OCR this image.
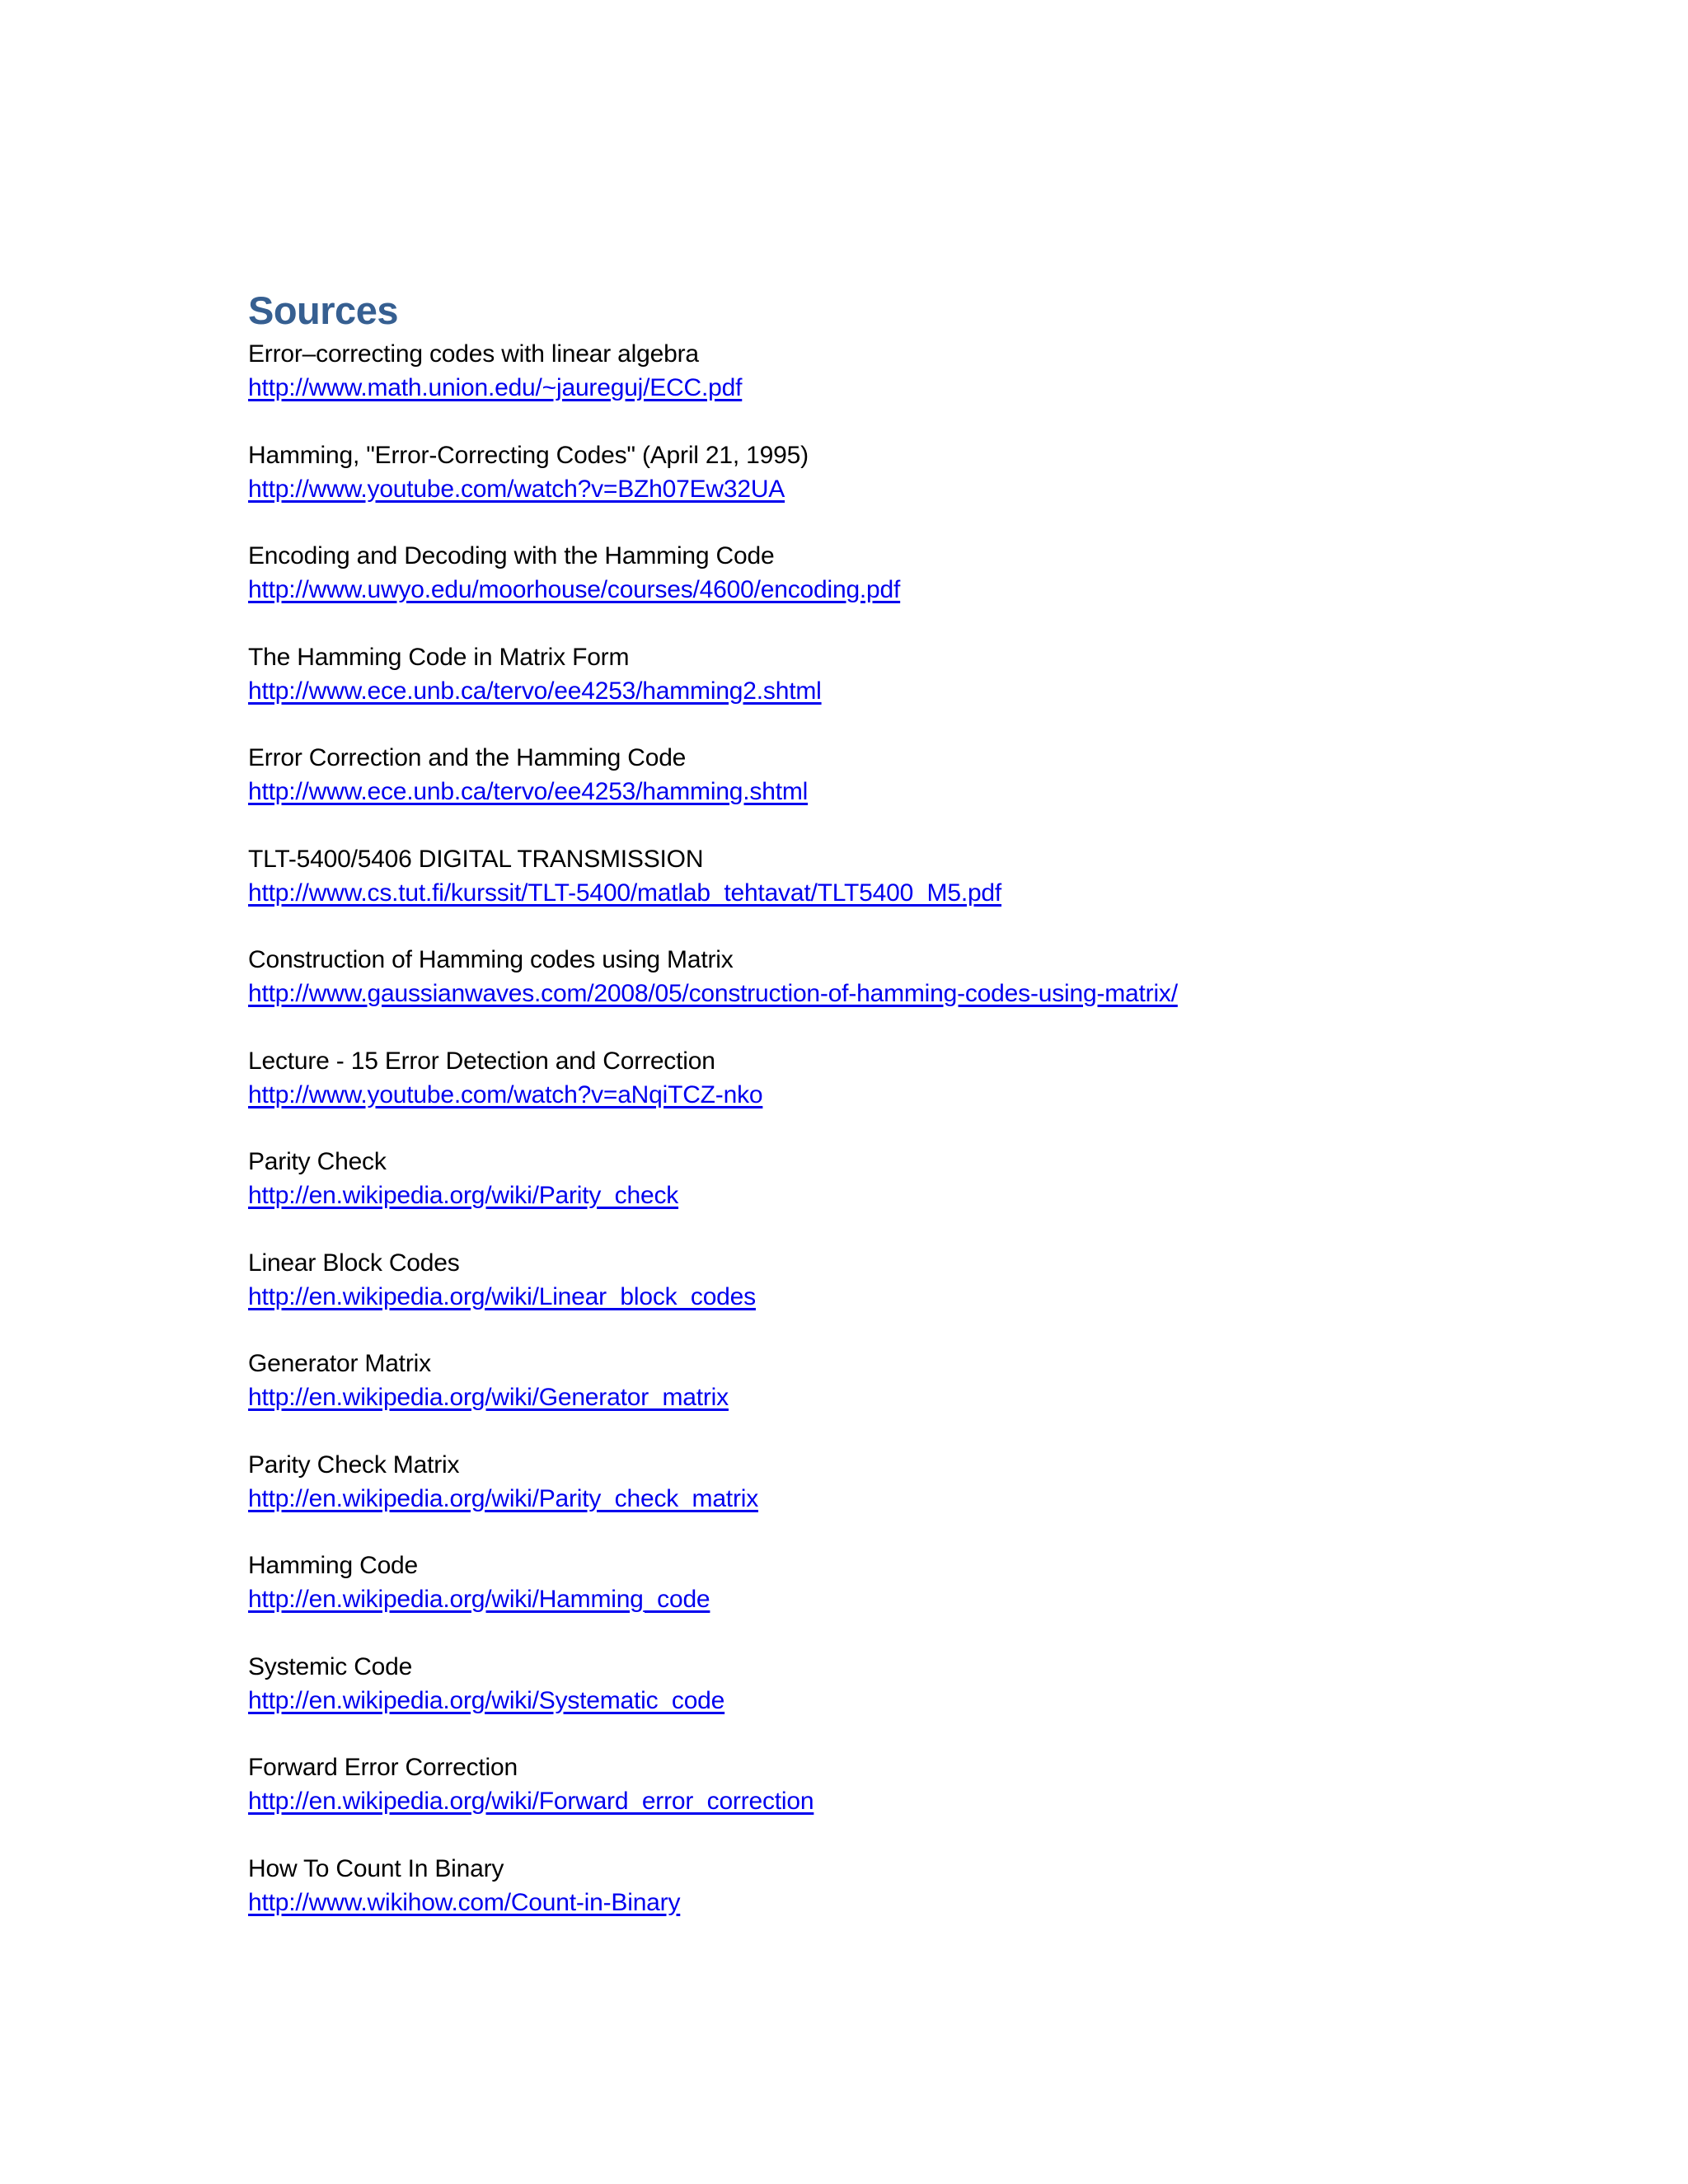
Sources
Error–correcting codes with linear algebra
http://www.math.union.edu/~jaureguj/ECC.pdf
Hamming, "Error-Correcting Codes" (April 21, 1995)
http://www.youtube.com/watch?v=BZh07Ew32UA
Encoding and Decoding with the Hamming Code
http://www.uwyo.edu/moorhouse/courses/4600/encoding.pdf
The Hamming Code in Matrix Form
http://www.ece.unb.ca/tervo/ee4253/hamming2.shtml
Error Correction and the Hamming Code
http://www.ece.unb.ca/tervo/ee4253/hamming.shtml
TLT-5400/5406 DIGITAL TRANSMISSION
http://www.cs.tut.fi/kurssit/TLT-5400/matlab_tehtavat/TLT5400_M5.pdf
Construction of Hamming codes using Matrix
http://www.gaussianwaves.com/2008/05/construction-of-hamming-codes-using-matrix/
Lecture - 15 Error Detection and Correction
http://www.youtube.com/watch?v=aNqiTCZ-nko
Parity Check
http://en.wikipedia.org/wiki/Parity_check
Linear Block Codes
http://en.wikipedia.org/wiki/Linear_block_codes
Generator Matrix
http://en.wikipedia.org/wiki/Generator_matrix
Parity Check Matrix
http://en.wikipedia.org/wiki/Parity_check_matrix
Hamming Code
http://en.wikipedia.org/wiki/Hamming_code
Systemic Code
http://en.wikipedia.org/wiki/Systematic_code
Forward Error Correction
http://en.wikipedia.org/wiki/Forward_error_correction
How To Count In Binary
http://www.wikihow.com/Count-in-Binary
